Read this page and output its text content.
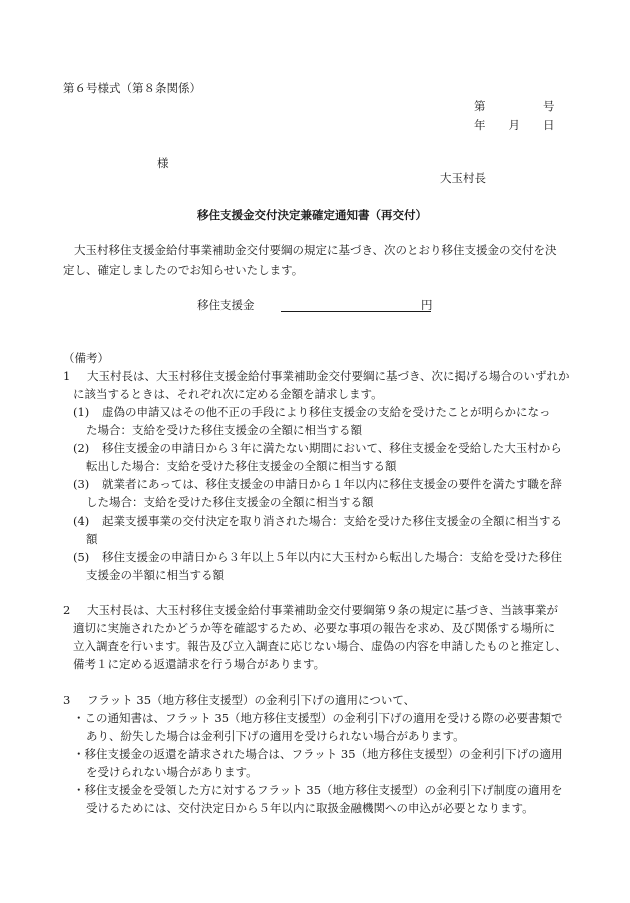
第６号様式（第８条関係）
第　　　　　号
年　　月　　日
様
大玉村長
移住支援金交付決定兼確定通知書（再交付）
大玉村移住支援金給付事業補助金交付要綱の規定に基づき、次のとおり移住支援金の交付を決
定し、確定しましたのでお知らせいたします。
移住支援金	円
（備考）
1 大玉村長は、大玉村移住支援金給付事業補助金交付要綱に基づき、次に掲げる場合のいずれか
に該当するときは、それぞれ次に定める金額を請求します。
(1) 虚偽の申請又はその他不正の手段により移住支援金の支給を受けたことが明らかになっ
た場合：支給を受けた移住支援金の全額に相当する額
(2) 移住支援金の申請日から３年に満たない期間において、移住支援金を受給した大玉村から
転出した場合：支給を受けた移住支援金の全額に相当する額
(3) 就業者にあっては、移住支援金の申請日から１年以内に移住支援金の要件を満たす職を辞
した場合：支給を受けた移住支援金の全額に相当する額
(4) 起業支援事業の交付決定を取り消された場合：支給を受けた移住支援金の全額に相当する
額
(5) 移住支援金の申請日から３年以上５年以内に大玉村から転出した場合：支給を受けた移住
支援金の半額に相当する額
2 大玉村長は、大玉村移住支援金給付事業補助金交付要綱第９条の規定に基づき、当該事業が
適切に実施されたかどうか等を確認するため、必要な事項の報告を求め、及び関係する場所に
立入調査を行います。報告及び立入調査に応じない場合、虚偽の内容を申請したものと推定し、
備考１に定める返還請求を行う場合があります。
3 フラット 35（地方移住支援型）の金利引下げの適用について、
・この通知書は、フラット 35（地方移住支援型）の金利引下げの適用を受ける際の必要書類で
あり、紛失した場合は金利引下げの適用を受けられない場合があります。
・移住支援金の返還を請求された場合は、フラット 35（地方移住支援型）の金利引下げの適用
を受けられない場合があります。
・移住支援金を受領した方に対するフラット 35（地方移住支援型）の金利引下げ制度の適用を
受けるためには、交付決定日から５年以内に取扱金融機関への申込が必要となります。
